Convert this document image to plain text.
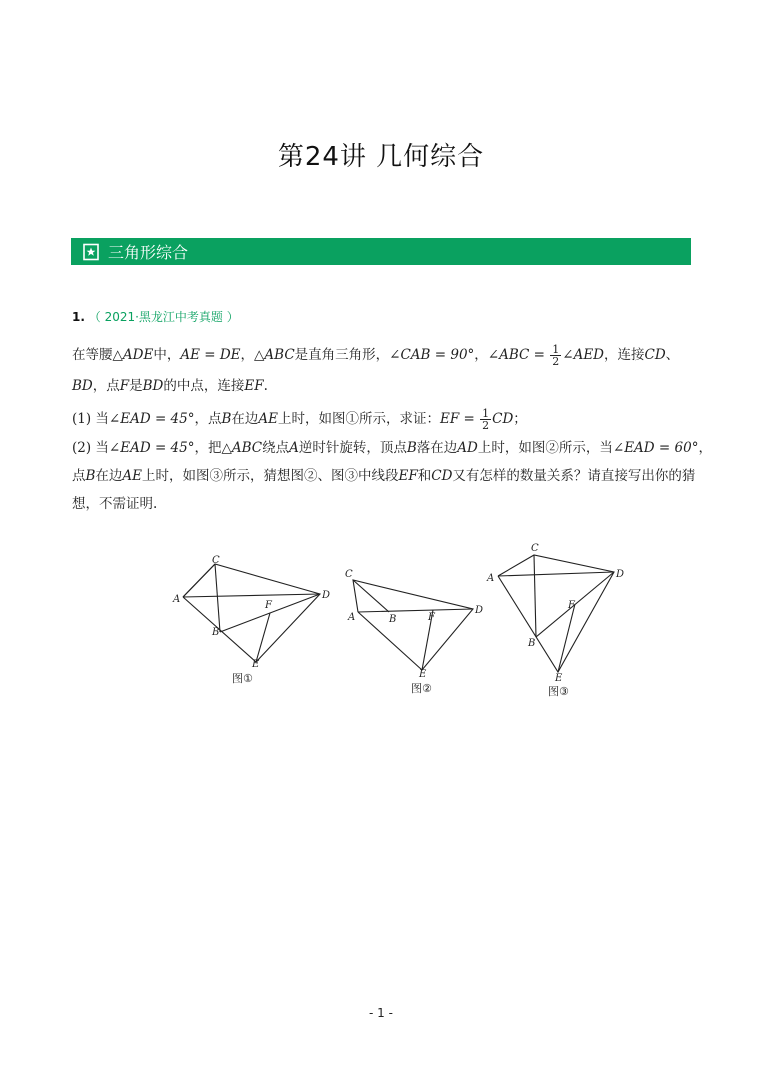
第24讲 几何综合
三角形综合
1. （ 2021·黑龙江中考真题 ）
在等腰△ADE中，AE = DE，△ABC是直角三角形，∠CAB = 90°，∠ABC = $\frac{1}{2}$ ∠AED，连接CD、
BD，点F是BD的中点，连接EF.
(1) 当∠EAD = 45°，点B在边AE上时，如图①所示，求证：EF = $\frac{1}{2}$ CD；
(2) 当∠EAD = 45°，把△ABC绕点A逆时针旋转，顶点B落在边AD上时，如图②所示，当∠EAD = 60°，
点B在边AE上时，如图③所示，猜想图②、图③中线段EF和CD又有怎样的数量关系？请直接写出你的猜
想，不需证明.
C
A	D
F
B
E
图①
C
A	B	F
D
E
图②
C
A	D
F
B
E
图③
- 1 -
